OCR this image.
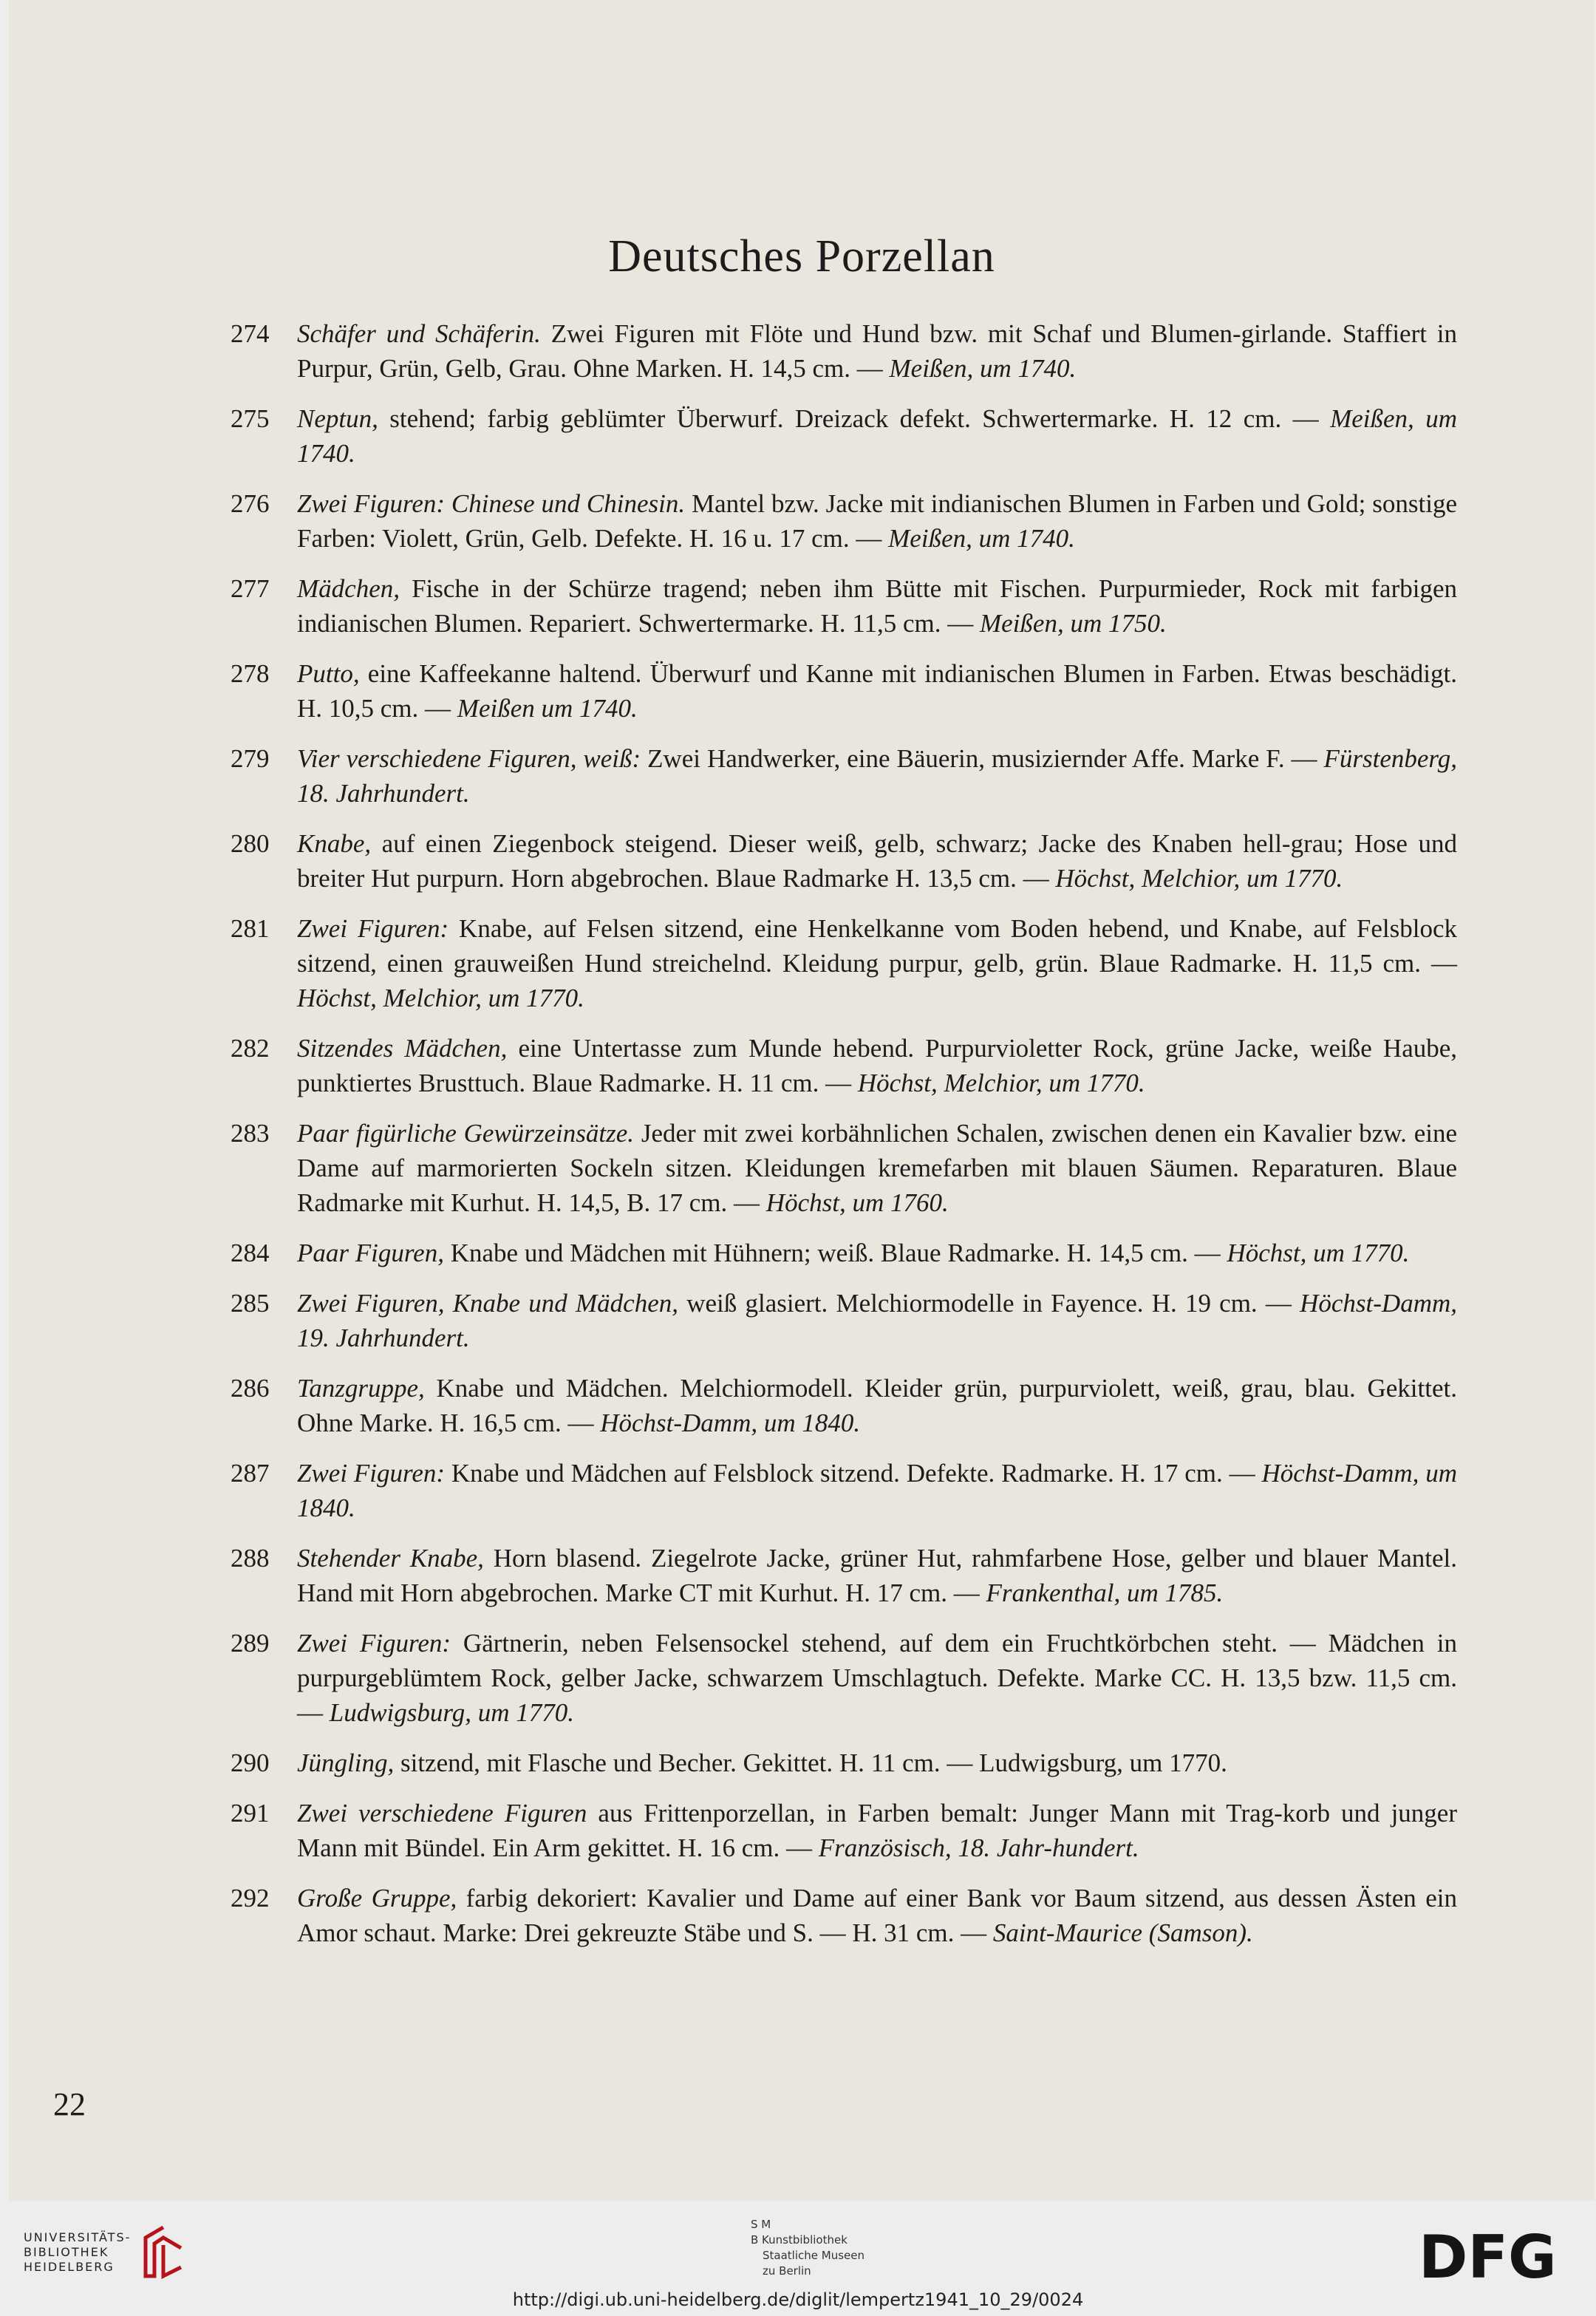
Deutsches Porzellan
274	Schäfer und Schäferin. Zwei Figuren mit Flöte und Hund bzw. mit Schaf und Blumen-girlande. Staffiert in Purpur, Grün, Gelb, Grau. Ohne Marken. H. 14,5 cm. — Meißen, um 1740.
275	Neptun, stehend; farbig geblümter Überwurf. Dreizack defekt. Schwertermarke. H. 12 cm. — Meißen, um 1740.
276	Zwei Figuren: Chinese und Chinesin. Mantel bzw. Jacke mit indianischen Blumen in Farben und Gold; sonstige Farben: Violett, Grün, Gelb. Defekte. H. 16 u. 17 cm. — Meißen, um 1740.
277	Mädchen, Fische in der Schürze tragend; neben ihm Bütte mit Fischen. Purpurmieder, Rock mit farbigen indianischen Blumen. Repariert. Schwertermarke. H. 11,5 cm. — Meißen, um 1750.
278	Putto, eine Kaffeekanne haltend. Überwurf und Kanne mit indianischen Blumen in Farben. Etwas beschädigt. H. 10,5 cm. — Meißen um 1740.
279	Vier verschiedene Figuren, weiß: Zwei Handwerker, eine Bäuerin, musiziernder Affe. Marke F. — Fürstenberg, 18. Jahrhundert.
280	Knabe, auf einen Ziegenbock steigend. Dieser weiß, gelb, schwarz; Jacke des Knaben hell-grau; Hose und breiter Hut purpurn. Horn abgebrochen. Blaue Radmarke H. 13,5 cm. — Höchst, Melchior, um 1770.
281	Zwei Figuren: Knabe, auf Felsen sitzend, eine Henkelkanne vom Boden hebend, und Knabe, auf Felsblock sitzend, einen grauweißen Hund streichelnd. Kleidung purpur, gelb, grün. Blaue Radmarke. H. 11,5 cm. — Höchst, Melchior, um 1770.
282	Sitzendes Mädchen, eine Untertasse zum Munde hebend. Purpurvioletter Rock, grüne Jacke, weiße Haube, punktiertes Brusttuch. Blaue Radmarke. H. 11 cm. — Höchst, Melchior, um 1770.
283	Paar figürliche Gewürzeinsätze. Jeder mit zwei korbähnlichen Schalen, zwischen denen ein Kavalier bzw. eine Dame auf marmorierten Sockeln sitzen. Kleidungen kremefarben mit blauen Säumen. Reparaturen. Blaue Radmarke mit Kurhut. H. 14,5, B. 17 cm. — Höchst, um 1760.
284	Paar Figuren, Knabe und Mädchen mit Hühnern; weiß. Blaue Radmarke. H. 14,5 cm. — Höchst, um 1770.
285	Zwei Figuren, Knabe und Mädchen, weiß glasiert. Melchiormodelle in Fayence. H. 19 cm. — Höchst-Damm, 19. Jahrhundert.
286	Tanzgruppe, Knabe und Mädchen. Melchiormodell. Kleider grün, purpurviolett, weiß, grau, blau. Gekittet. Ohne Marke. H. 16,5 cm. — Höchst-Damm, um 1840.
287	Zwei Figuren: Knabe und Mädchen auf Felsblock sitzend. Defekte. Radmarke. H. 17 cm. — Höchst-Damm, um 1840.
288	Stehender Knabe, Horn blasend. Ziegelrote Jacke, grüner Hut, rahmfarbene Hose, gelber und blauer Mantel. Hand mit Horn abgebrochen. Marke CT mit Kurhut. H. 17 cm. — Frankenthal, um 1785.
289	Zwei Figuren: Gärtnerin, neben Felsensockel stehend, auf dem ein Fruchtkörbchen steht. — Mädchen in purpurgeblümtem Rock, gelber Jacke, schwarzem Umschlagtuch. Defekte. Marke CC. H. 13,5 bzw. 11,5 cm. — Ludwigsburg, um 1770.
290	Jüngling, sitzend, mit Flasche und Becher. Gekittet. H. 11 cm. — Ludwigsburg, um 1770.
291	Zwei verschiedene Figuren aus Frittenporzellan, in Farben bemalt: Junger Mann mit Trag-korb und junger Mann mit Bündel. Ein Arm gekittet. H. 16 cm. — Französisch, 18. Jahr-hundert.
292	Große Gruppe, farbig dekoriert: Kavalier und Dame auf einer Bank vor Baum sitzend, aus dessen Ästen ein Amor schaut. Marke: Drei gekreuzte Stäbe und S. — H. 31 cm. — Saint-Maurice (Samson).
22
UNIVERSITÄTS-
BIBLIOTHEK
HEIDELBERG
S M
B Kunstbibliothek
Staatliche Museen
zu Berlin	DFG
http://digi.ub.uni-heidelberg.de/diglit/lempertz1941_10_29/0024
